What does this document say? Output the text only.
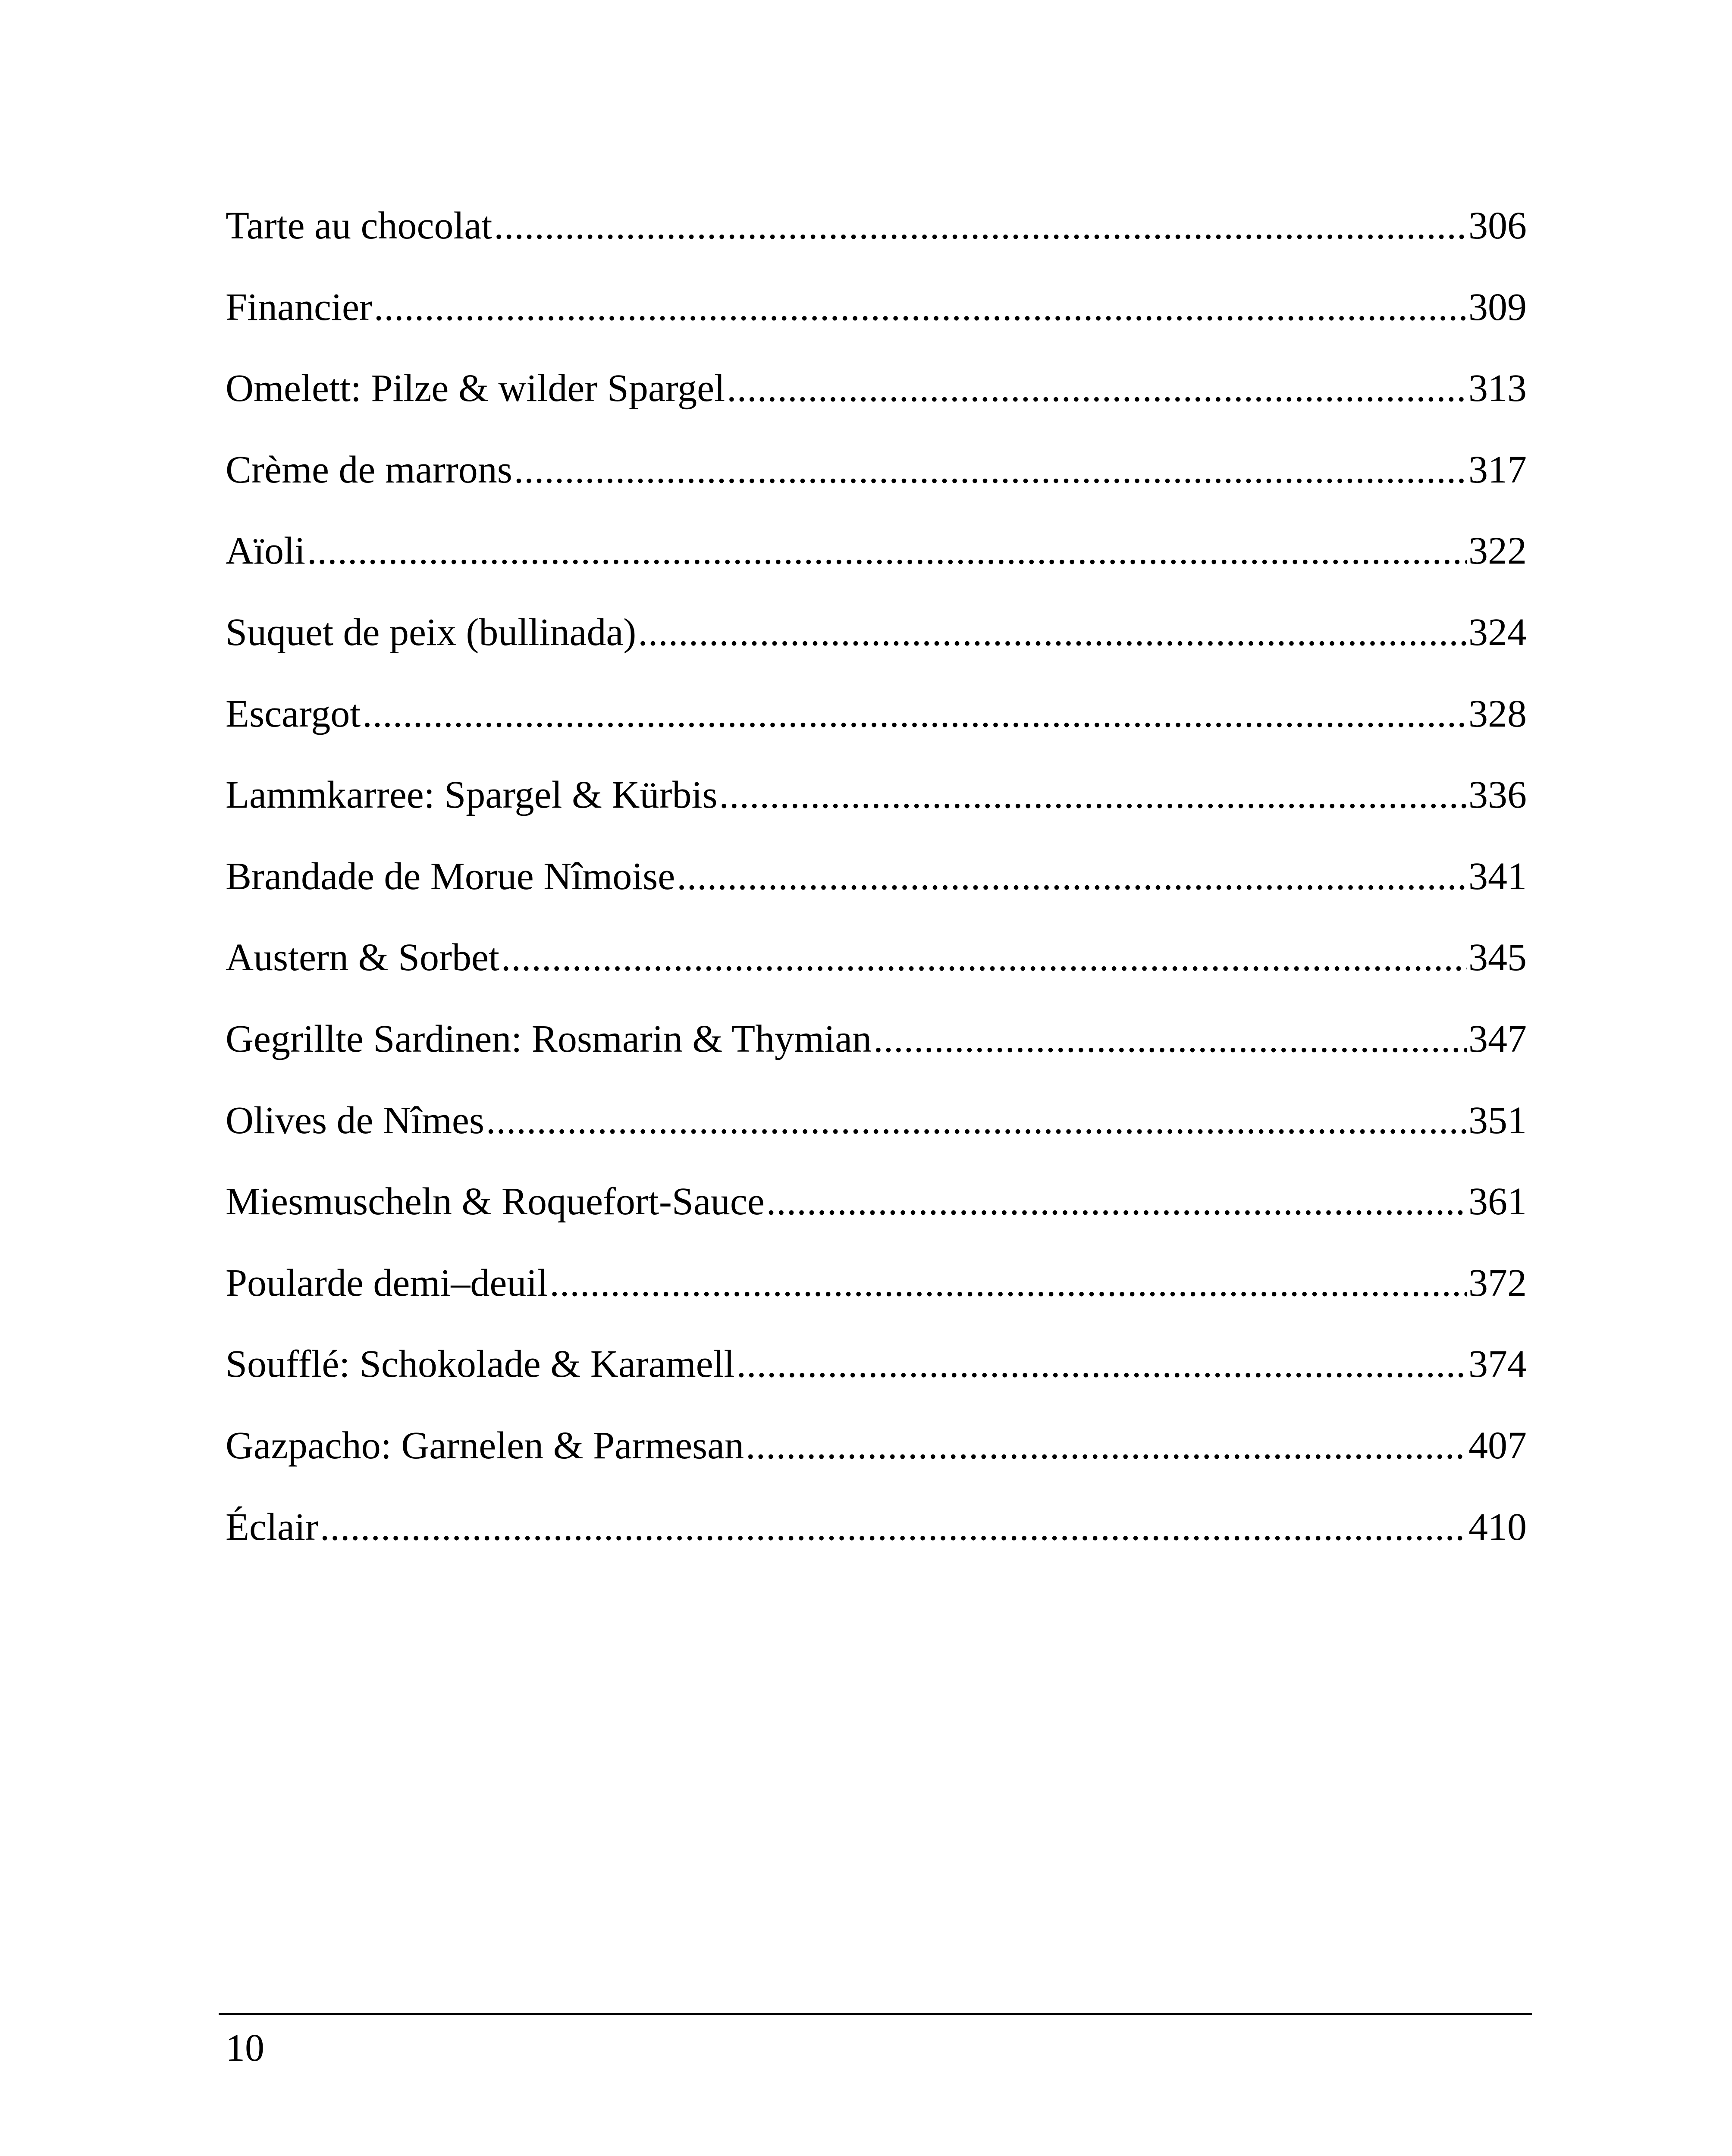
Tarte au chocolat .....	306
Financier .....	309
Omelett: Pilze & wilder Spargel .....	313
Crème de marrons .....	317
Aïoli .....	322
Suquet de peix (bullinada) .....	324
Escargot .....	328
Lammkarree: Spargel & Kürbis .....	336
Brandade de Morue Nîmoise .....	341
Austern & Sorbet .....	345
Gegrillte Sardinen: Rosmarin & Thymian .....	347
Olives de Nîmes .....	351
Miesmuscheln & Roquefort-Sauce .....	361
Poularde demi–deuil .....	372
Soufflé: Schokolade & Karamell .....	374
Gazpacho: Garnelen & Parmesan .....	407
Éclair .....	410
10
